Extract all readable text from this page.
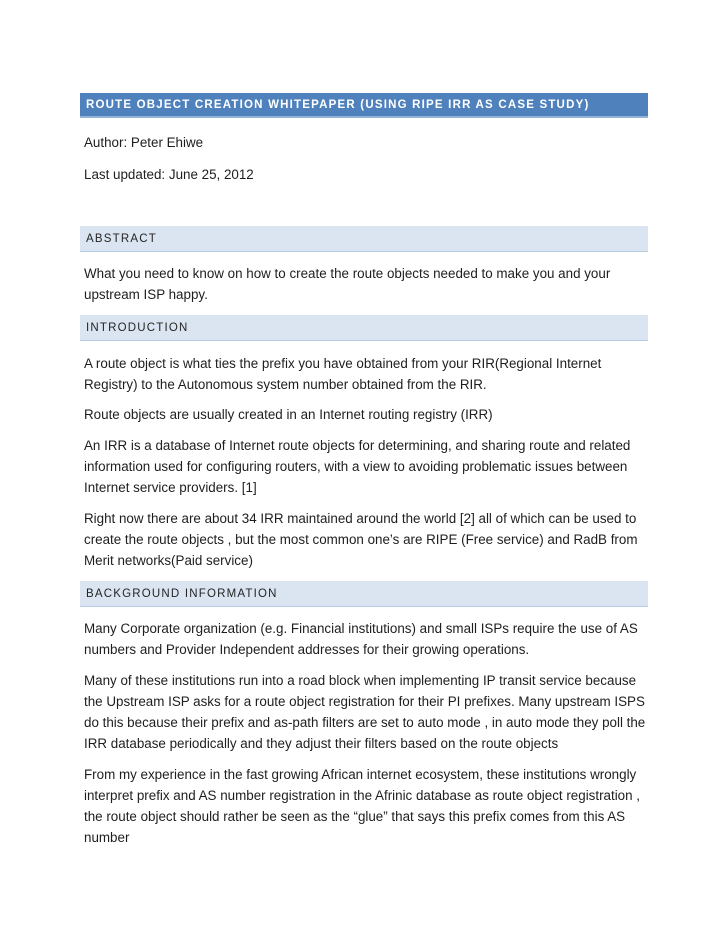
ROUTE OBJECT CREATION WHITEPAPER (USING RIPE IRR AS CASE STUDY)

Author: Peter Ehiwe

Last updated: June 25, 2012

ABSTRACT

What you need to know on how to create the route objects needed to make you and your

upstream ISP happy.

INTRODUCTION

A route object is what ties the prefix you have obtained from your RIR(Regional Internet

Registry) to the Autonomous system number obtained from the RIR.

Route objects are usually created in an Internet routing registry (IRR)

An IRR is a database of Internet route objects for determining, and sharing route and related

information used for configuring routers, with a view to avoiding problematic issues between

Internet service providers. [1]

Right now there are about 34 IRR maintained around the world [2] all of which can be used to

create the route objects , but the most common one’s are RIPE (Free service) and RadB from

Merit networks(Paid service)

BACKGROUND INFORMATION

Many Corporate organization (e.g. Financial institutions) and small ISPs require the use of AS

numbers and Provider Independent addresses for their growing operations.

Many of these institutions run into a road block when implementing IP transit service because

the Upstream ISP asks for a route object registration for their PI prefixes. Many upstream ISPS

do this because their prefix and as-path filters are set to auto mode , in auto mode they poll the

IRR database periodically and they adjust their filters based on the route objects

From my experience in the fast growing African internet ecosystem, these institutions wrongly

interpret prefix and AS number registration in the Afrinic database as route object registration ,

the route object should rather be seen as the “glue” that says this prefix comes from this AS

number
